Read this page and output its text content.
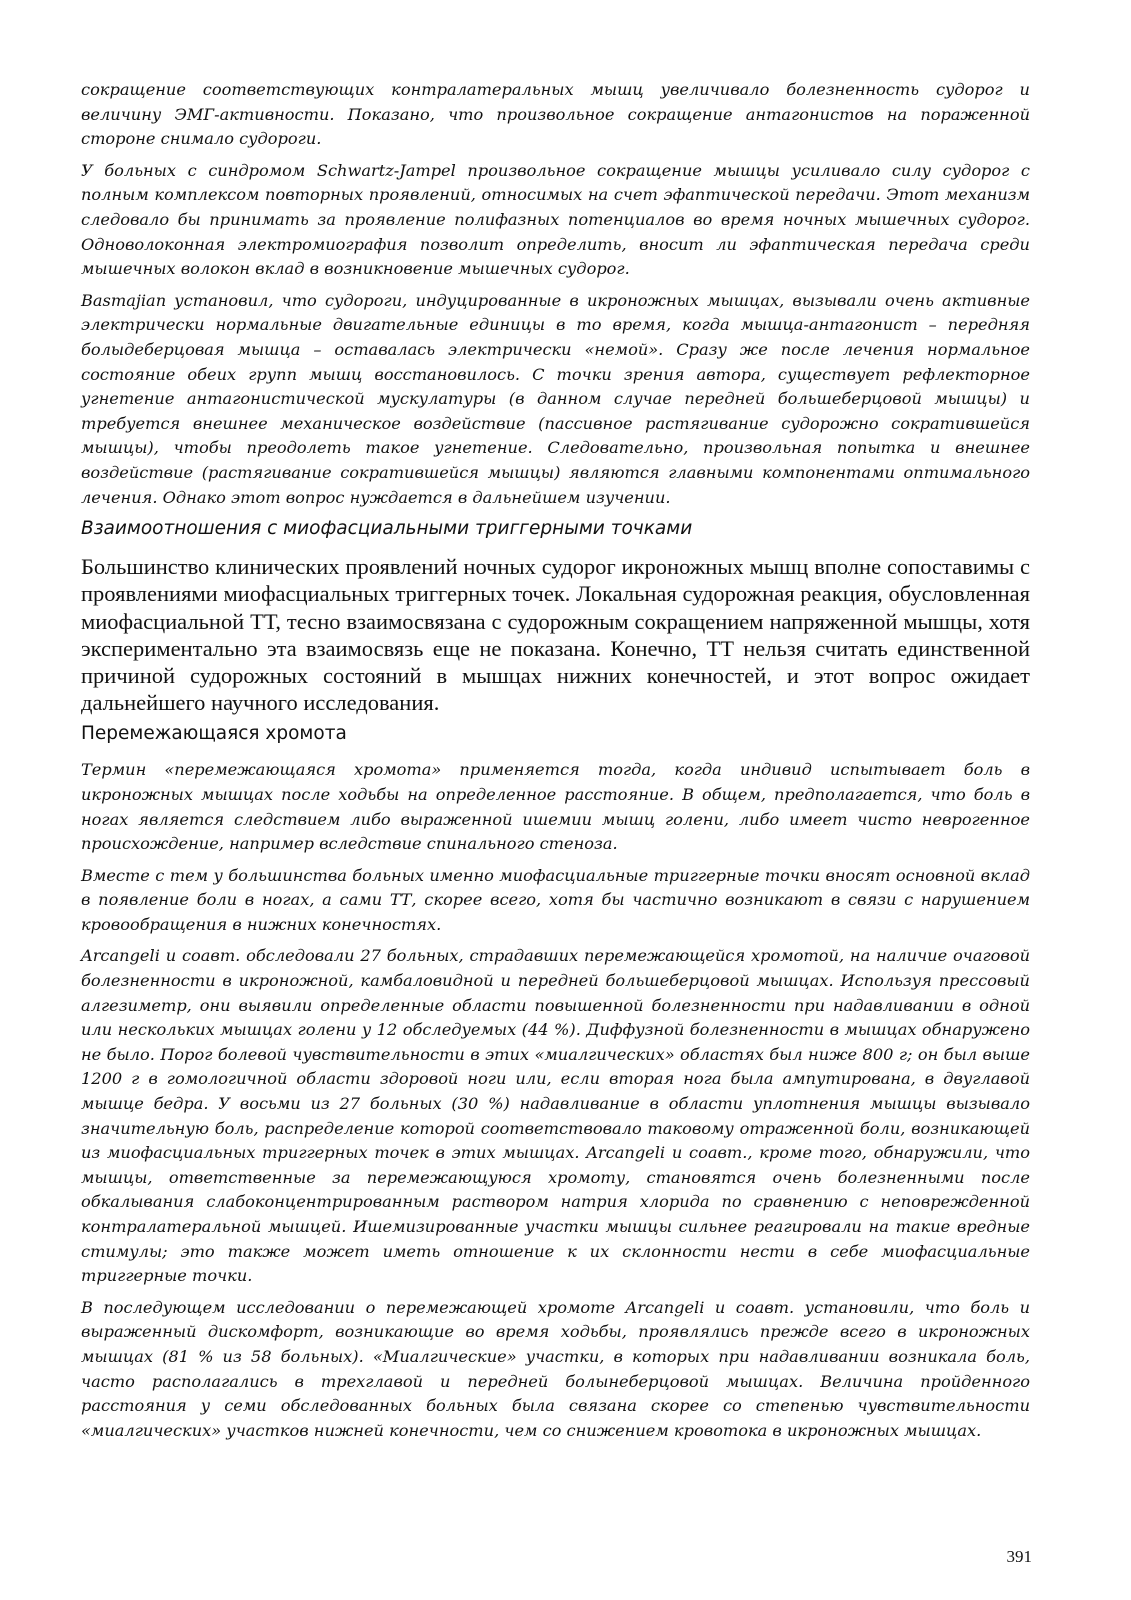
сокращение соответствующих контралатеральных мышц увеличивало болезненность судорог и величину ЭМГ-активности. Показано, что произвольное сокращение антагонистов на пораженной стороне снимало судороги.

У больных с синдромом Schwartz-Jampel произвольное сокращение мышцы усиливало силу судорог с полным комплексом повторных проявлений, относимых на счет эфаптической передачи. Этот механизм следовало бы принимать за проявление полифазных потенциалов во время ночных мышечных судорог. Одноволоконная электромиография позволит определить, вносит ли эфаптическая передача среди мышечных волокон вклад в возникновение мышечных судорог.

Basmajian установил, что судороги, индуцированные в икроножных мышцах, вызывали очень активные электрически нормальные двигательные единицы в то время, когда мышца-антагонист – передняя болыдеберцовая мышца – оставалась электрически «немой». Сразу же после лечения нормальное состояние обеих групп мышц восстановилось. С точки зрения автора, существует рефлекторное угнетение антагонистической мускулатуры (в данном случае передней большеберцовой мышцы) и требуется внешнее механическое воздействие (пассивное растягивание судорожно сократившейся мышцы), чтобы преодолеть такое угнетение. Следовательно, произвольная попытка и внешнее воздействие (растягивание сократившейся мышцы) являются главными компонентами оптимального лечения. Однако этот вопрос нуждается в дальнейшем изучении.

Взаимоотношения с миофасциальными триггерными точками

Большинство клинических проявлений ночных судорог икроножных мышц вполне сопоставимы с проявлениями миофасциальных триггерных точек. Локальная судорожная реакция, обусловленная миофасциальной ТТ, тесно взаимосвязана с судорожным сокращением напряженной мышцы, хотя экспериментально эта взаимосвязь еще не показана. Конечно, ТТ нельзя считать единственной причиной судорожных состояний в мышцах нижних конечностей, и этот вопрос ожидает дальнейшего научного исследования.

Перемежающаяся хромота

Термин «перемежающаяся хромота» применяется тогда, когда индивид испытывает боль в икроножных мышцах после ходьбы на определенное расстояние. В общем, предполагается, что боль в ногах является следствием либо выраженной ишемии мышц голени, либо имеет чисто неврогенное происхождение, например вследствие спинального стеноза.

Вместе с тем у большинства больных именно миофасциальные триггерные точки вносят основной вклад в появление боли в ногах, а сами ТТ, скорее всего, хотя бы частично возникают в связи с нарушением кровообращения в нижних конечностях.

Arcangeli и соавт. обследовали 27 больных, страдавших перемежающейся хромотой, на наличие очаговой болезненности в икроножной, камбаловидной и передней большеберцовой мышцах. Используя прессовый алгезиметр, они выявили определенные области повышенной болезненности при надавливании в одной или нескольких мышцах голени у 12 обследуемых (44 %). Диффузной болезненности в мышцах обнаружено не было. Порог болевой чувствительности в этих «миалгических» областях был ниже 800 г; он был выше 1200 г в гомологичной области здоровой ноги или, если вторая нога была ампутирована, в двуглавой мышце бедра. У восьми из 27 больных (30 %) надавливание в области уплотнения мышцы вызывало значительную боль, распределение которой соответствовало таковому отраженной боли, возникающей из миофасциальных триггерных точек в этих мышцах. Arcangeli и соавт., кроме того, обнаружили, что мышцы, ответственные за перемежающуюся хромоту, становятся очень болезненными после обкалывания слабоконцентрированным раствором натрия хлорида по сравнению с неповрежденной контралатеральной мышцей. Ишемизированные участки мышцы сильнее реагировали на такие вредные стимулы; это также может иметь отношение к их склонности нести в себе миофасциальные триггерные точки.

В последующем исследовании о перемежающей хромоте Arcangeli и соавт. установили, что боль и выраженный дискомфорт, возникающие во время ходьбы, проявлялись прежде всего в икроножных мышцах (81 % из 58 больных). «Миалгические» участки, в которых при надавливании возникала боль, часто располагались в трехглавой и передней болынеберцовой мышцах. Величина пройденного расстояния у семи обследованных больных была связана скорее со степенью чувствительности «миалгических» участков нижней конечности, чем со снижением кровотока в икроножных мышцах.

391
